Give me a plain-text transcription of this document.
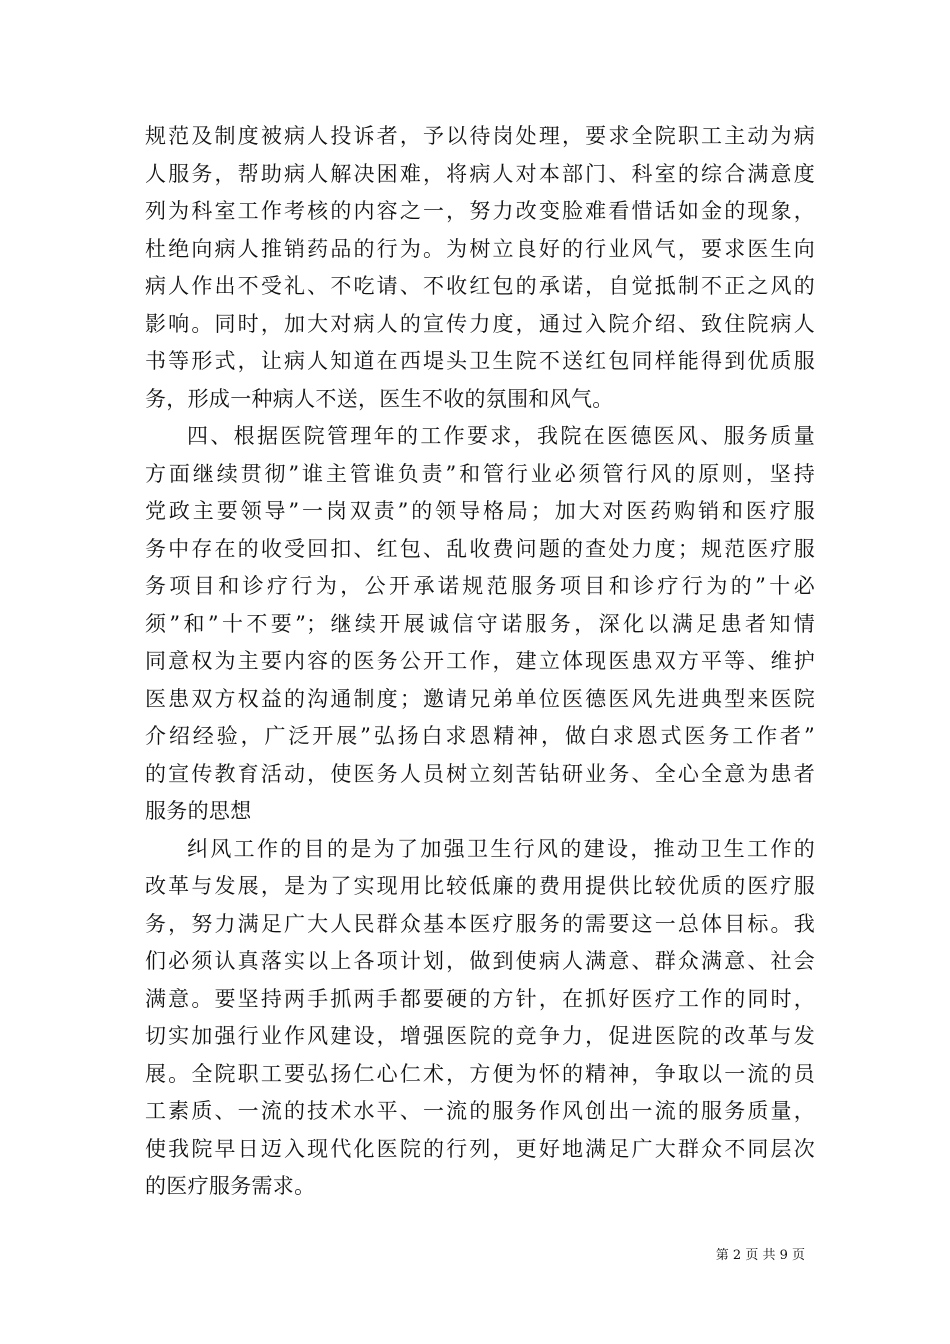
规范及制度被病人投诉者，予以待岗处理，要求全院职工主动为病
人服务，帮助病人解决困难，将病人对本部门、科室的综合满意度
列为科室工作考核的内容之一，努力改变脸难看惜话如金的现象，
杜绝向病人推销药品的行为。为树立良好的行业风气，要求医生向
病人作出不受礼、不吃请、不收红包的承诺，自觉抵制不正之风的
影响。同时，加大对病人的宣传力度，通过入院介绍、致住院病人
书等形式，让病人知道在西堤头卫生院不送红包同样能得到优质服
务，形成一种病人不送，医生不收的氛围和风气。
四、根据医院管理年的工作要求，我院在医德医风、服务质量
方面继续贯彻”谁主管谁负责”和管行业必须管行风的原则，坚持
党政主要领导”一岗双责”的领导格局；加大对医药购销和医疗服
务中存在的收受回扣、红包、乱收费问题的查处力度；规范医疗服
务项目和诊疗行为，公开承诺规范服务项目和诊疗行为的”十必
须”和”十不要”；继续开展诚信守诺服务，深化以满足患者知情
同意权为主要内容的医务公开工作，建立体现医患双方平等、维护
医患双方权益的沟通制度；邀请兄弟单位医德医风先进典型来医院
介绍经验，广泛开展”弘扬白求恩精神，做白求恩式医务工作者”
的宣传教育活动，使医务人员树立刻苦钻研业务、全心全意为患者
服务的思想
纠风工作的目的是为了加强卫生行风的建设，推动卫生工作的
改革与发展，是为了实现用比较低廉的费用提供比较优质的医疗服
务，努力满足广大人民群众基本医疗服务的需要这一总体目标。我
们必须认真落实以上各项计划，做到使病人满意、群众满意、社会
满意。要坚持两手抓两手都要硬的方针，在抓好医疗工作的同时，
切实加强行业作风建设，增强医院的竞争力，促进医院的改革与发
展。全院职工要弘扬仁心仁术，方便为怀的精神，争取以一流的员
工素质、一流的技术水平、一流的服务作风创出一流的服务质量，
使我院早日迈入现代化医院的行列，更好地满足广大群众不同层次
的医疗服务需求。
第 2 页 共 9 页
